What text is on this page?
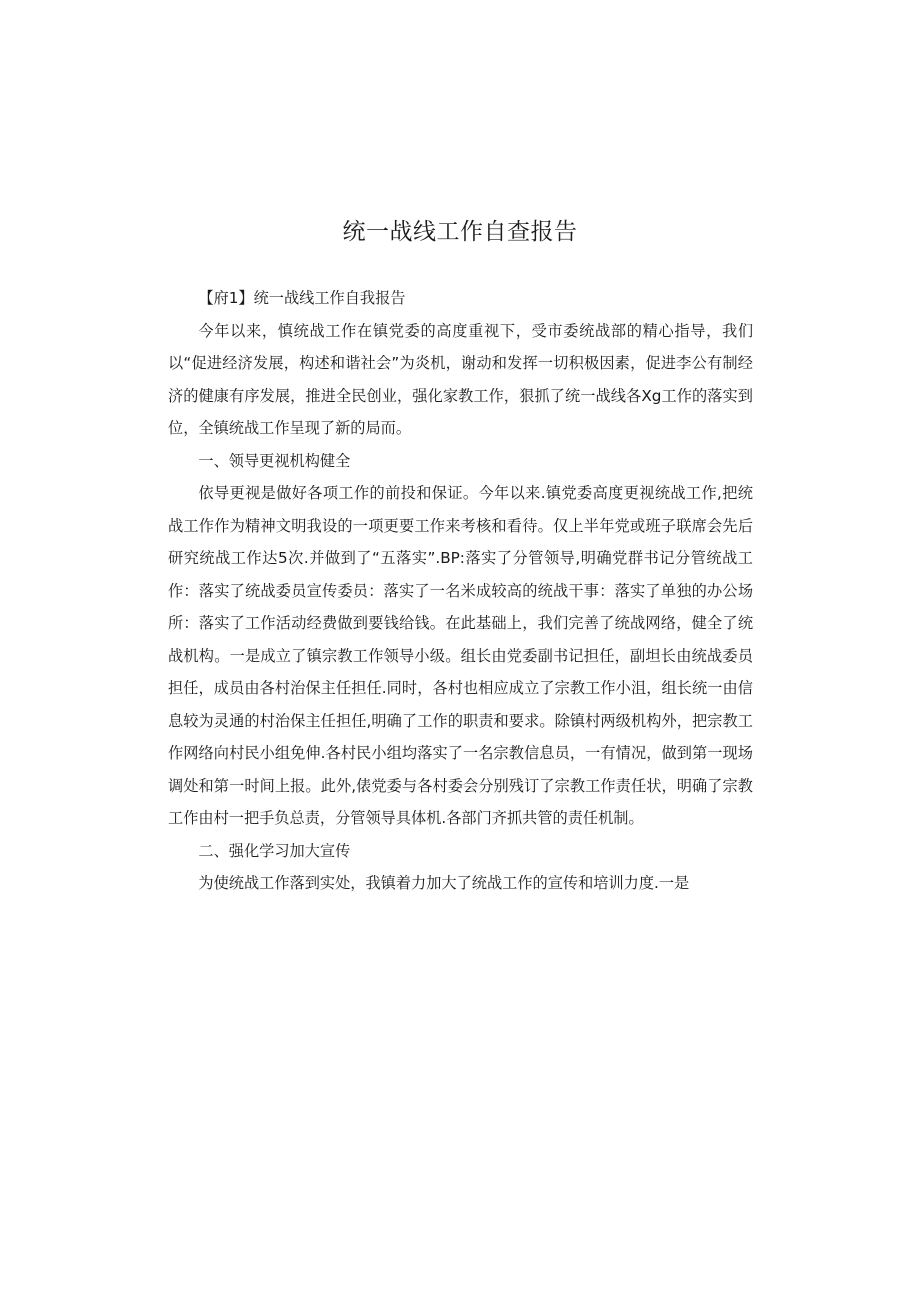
统一战线工作自查报告

【府1】统一战线工作自我报告

今年以来，慎统战工作在镇党委的高度重视下，受市委统战部的精心指导，我们以“促进经济发展，构述和谐社会”为炎机，谢动和发挥一切积极因素，促进李公有制经济的健康有序发展，推进全民创业，强化家教工作，狠抓了统一战线各Xg工作的落实到位，全镇统战工作呈现了新的局而。

一、领导更视机构健全

依导更视是做好各项工作的前投和保证。今年以来.镇党委高度更视统战工作,把统战工作作为精神文明我设的一项更要工作来考核和看待。仅上半年党或班子联席会先后研究统战工作达5次.并做到了“五落实”.BP:落实了分管领导,明确党群书记分管统战工作：落实了统战委员宣传委员：落实了一名米成较高的统战干事：落实了单独的办公场所：落实了工作活动经费做到要钱给钱。在此基础上，我们完善了统战网络，健全了统战机构。一是成立了镇宗教工作领导小级。组长由党委副书记担任，副坦长由统战委员担任，成员由各村治保主任担任.同时，各村也相应成立了宗教工作小沮，组长统一由信息较为灵通的村治保主任担任,明确了工作的职责和要求。除镇村两级机构外，把宗教工作网络向村民小组免伸.各村民小组均落实了一名宗教信息员，一有情况，做到第一现场调处和第一时间上报。此外,俵党委与各村委会分别残订了宗教工作责任状，明确了宗教工作由村一把手负总责，分管领导具体机.各部门齐抓共管的责任机制。

二、强化学习加大宣传

为使统战工作落到实处，我镇着力加大了统战工作的宣传和培训力度.一是
